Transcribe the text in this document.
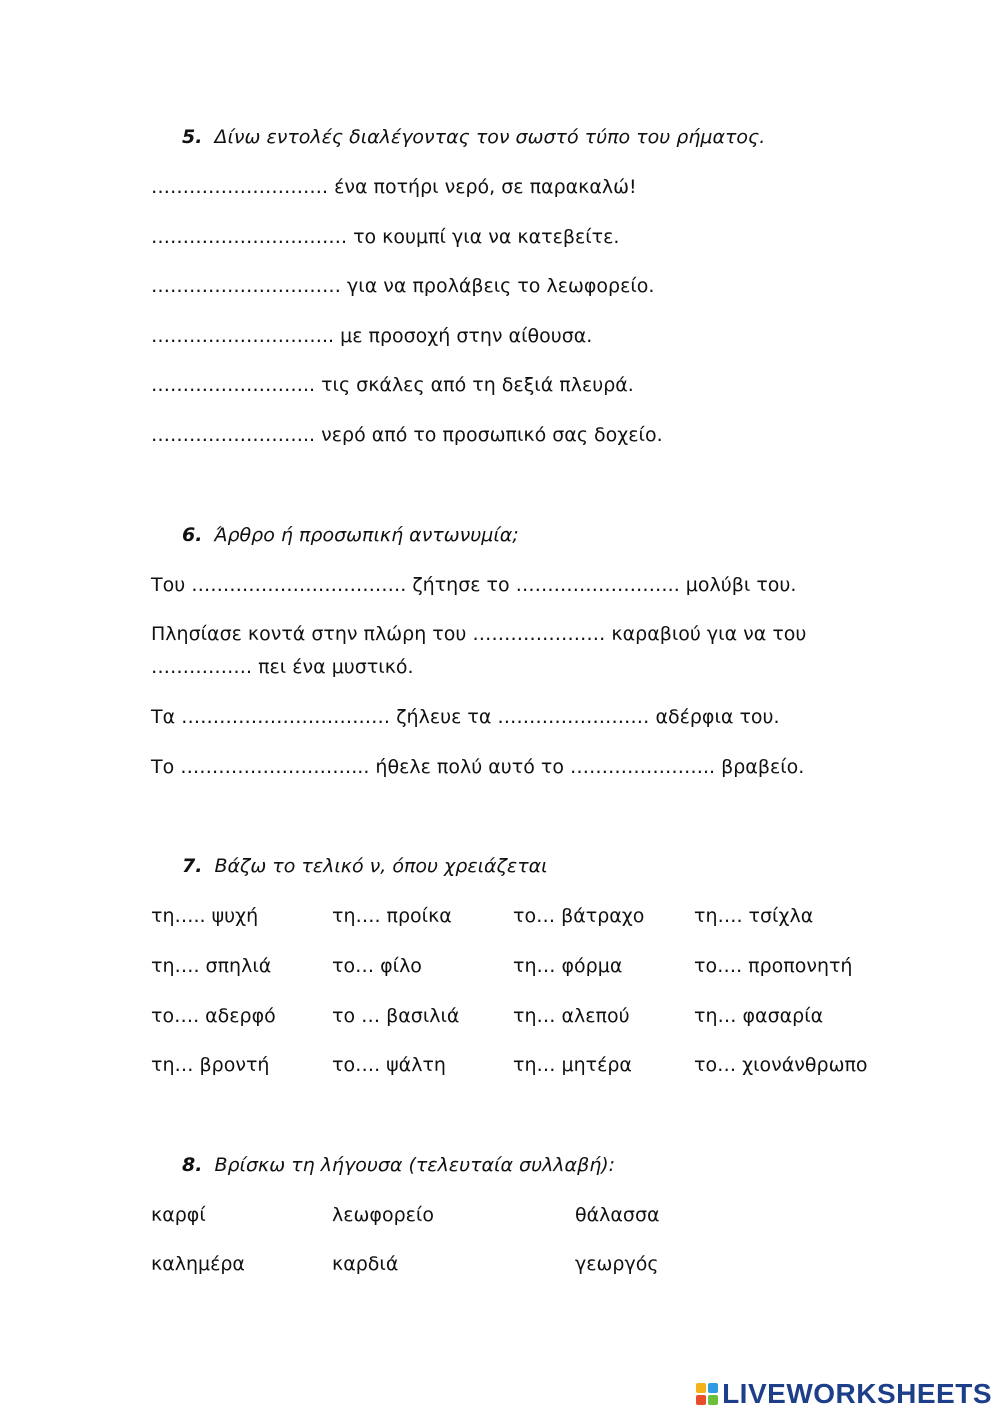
5. Δίνω εντολές διαλέγοντας τον σωστό τύπο του ρήματος.
………………………. ένα ποτήρι νερό, σε παρακαλώ!
…………………………. το κουμπί για να κατεβείτε.
………………………… για να προλάβεις το λεωφορείο.
……………………….. με προσοχή στην αίθουσα.
…………………….. τις σκάλες από τη δεξιά πλευρά.
…………………….. νερό από το προσωπικό σας δοχείο.
6. Άρθρο ή προσωπική αντωνυμία;
Του ……………………………. ζήτησε το …………………….. μολύβι του.
Πλησίασε κοντά στην πλώρη του ………………… καραβιού για να του
……………. πει ένα μυστικό.
Τα …………………………… ζήλευε τα …………………… αδέρφια του.
Το ………………………... ήθελε πολύ αυτό το ………………….. βραβείο.
7. Βάζω το τελικό ν, όπου χρειάζεται
τη….. ψυχή	τη…. προίκα	το… βάτραχο	τη…. τσίχλα
τη…. σπηλιά	το… φίλο	τη… φόρμα	το…. προπονητή
το…. αδερφό	το … βασιλιά	τη… αλεπού	τη… φασαρία
τη… βροντή	το…. ψάλτη	τη… μητέρα	το… χιονάνθρωπο
8. Βρίσκω τη λήγουσα (τελευταία συλλαβή):
καρφί	λεωφορείο	θάλασσα
καλημέρα	καρδιά	γεωργός
LIVEWORKSHEETS
